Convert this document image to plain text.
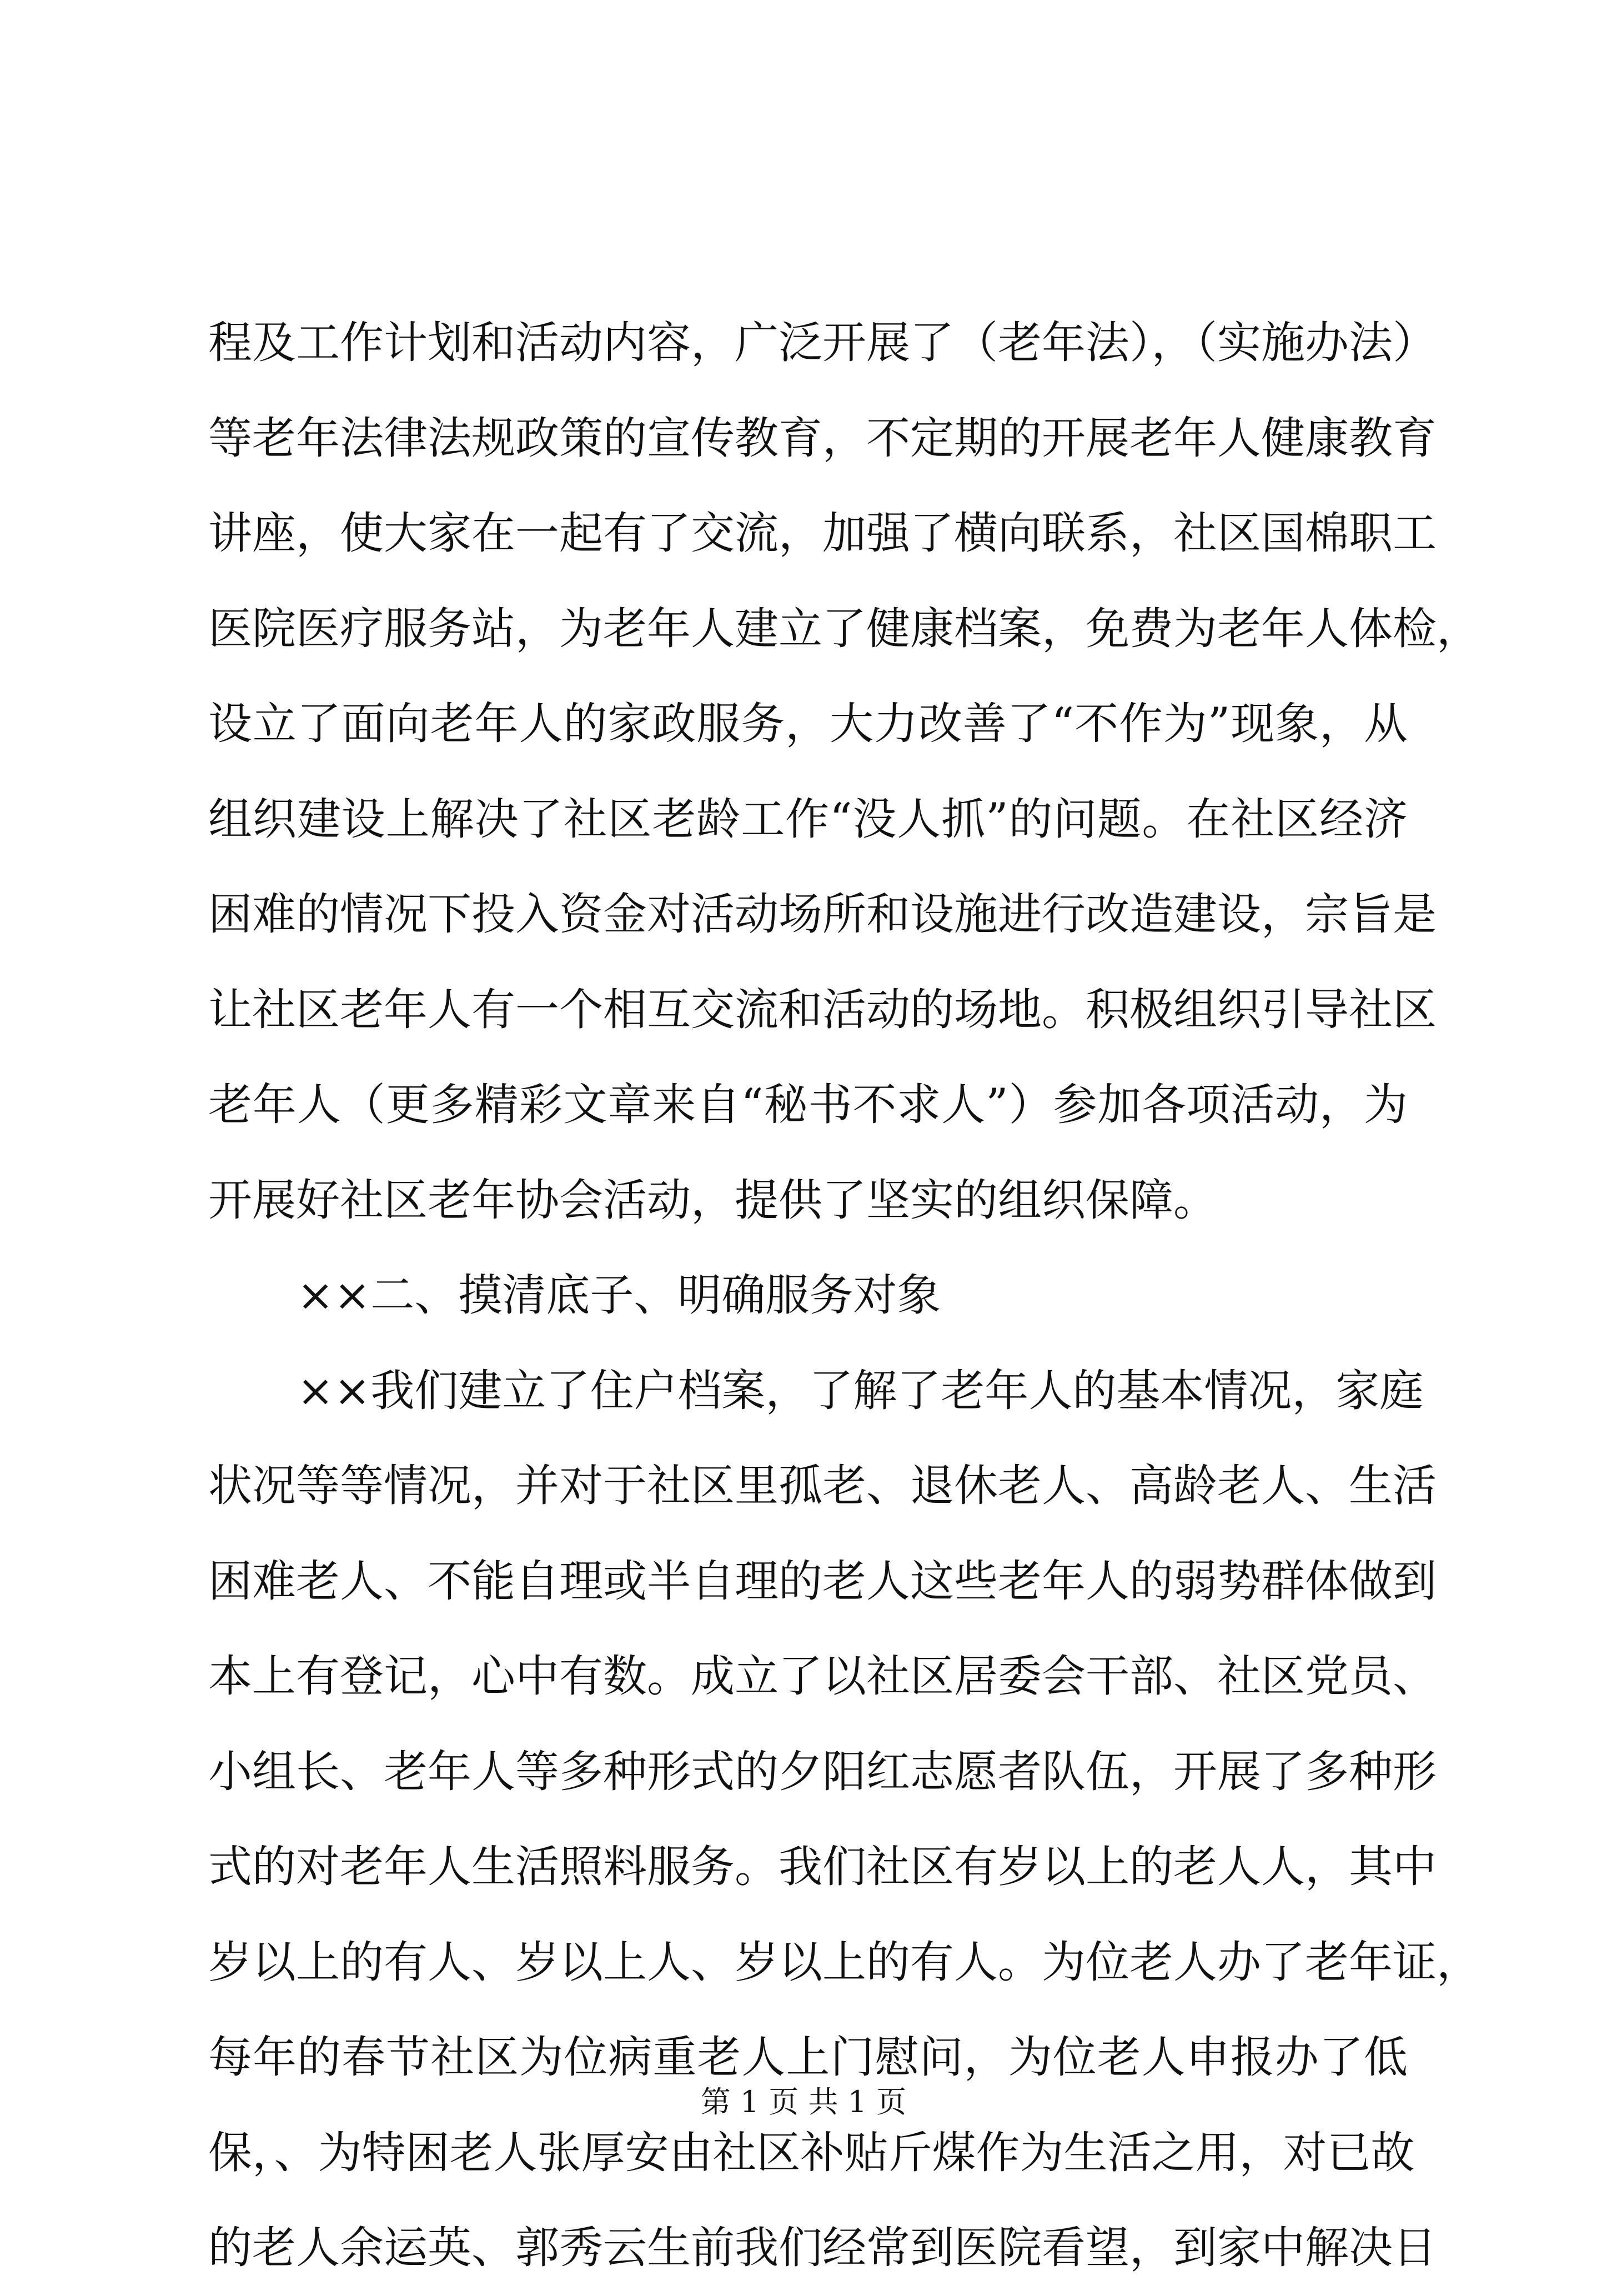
程及工作计划和活动内容，广泛开展了（老年法），（实施办法）
等老年法律法规政策的宣传教育，不定期的开展老年人健康教育
讲座，使大家在一起有了交流，加强了横向联系，社区国棉职工
医院医疗服务站，为老年人建立了健康档案，免费为老年人体检，
设立了面向老年人的家政服务，大力改善了“不作为”现象，从
组织建设上解决了社区老龄工作“没人抓”的问题。在社区经济
困难的情况下投入资金对活动场所和设施进行改造建设，宗旨是
让社区老年人有一个相互交流和活动的场地。积极组织引导社区
老年人（更多精彩文章来自“秘书不求人”）参加各项活动，为
开展好社区老年协会活动，提供了坚实的组织保障。
××二、摸清底子、明确服务对象
××我们建立了住户档案，了解了老年人的基本情况，家庭
状况等等情况，并对于社区里孤老、退休老人、高龄老人、生活
困难老人、不能自理或半自理的老人这些老年人的弱势群体做到
本上有登记，心中有数。成立了以社区居委会干部、社区党员、
小组长、老年人等多种形式的夕阳红志愿者队伍，开展了多种形
式的对老年人生活照料服务。我们社区有岁以上的老人人，其中
岁以上的有人、岁以上人、岁以上的有人。为位老人办了老年证，
每年的春节社区为位病重老人上门慰问，为位老人申报办了低
保，、为特困老人张厚安由社区补贴斤煤作为生活之用，对已故
的老人余运英、郭秀云生前我们经常到医院看望，到家中解决日
第 1 页 共 1 页
